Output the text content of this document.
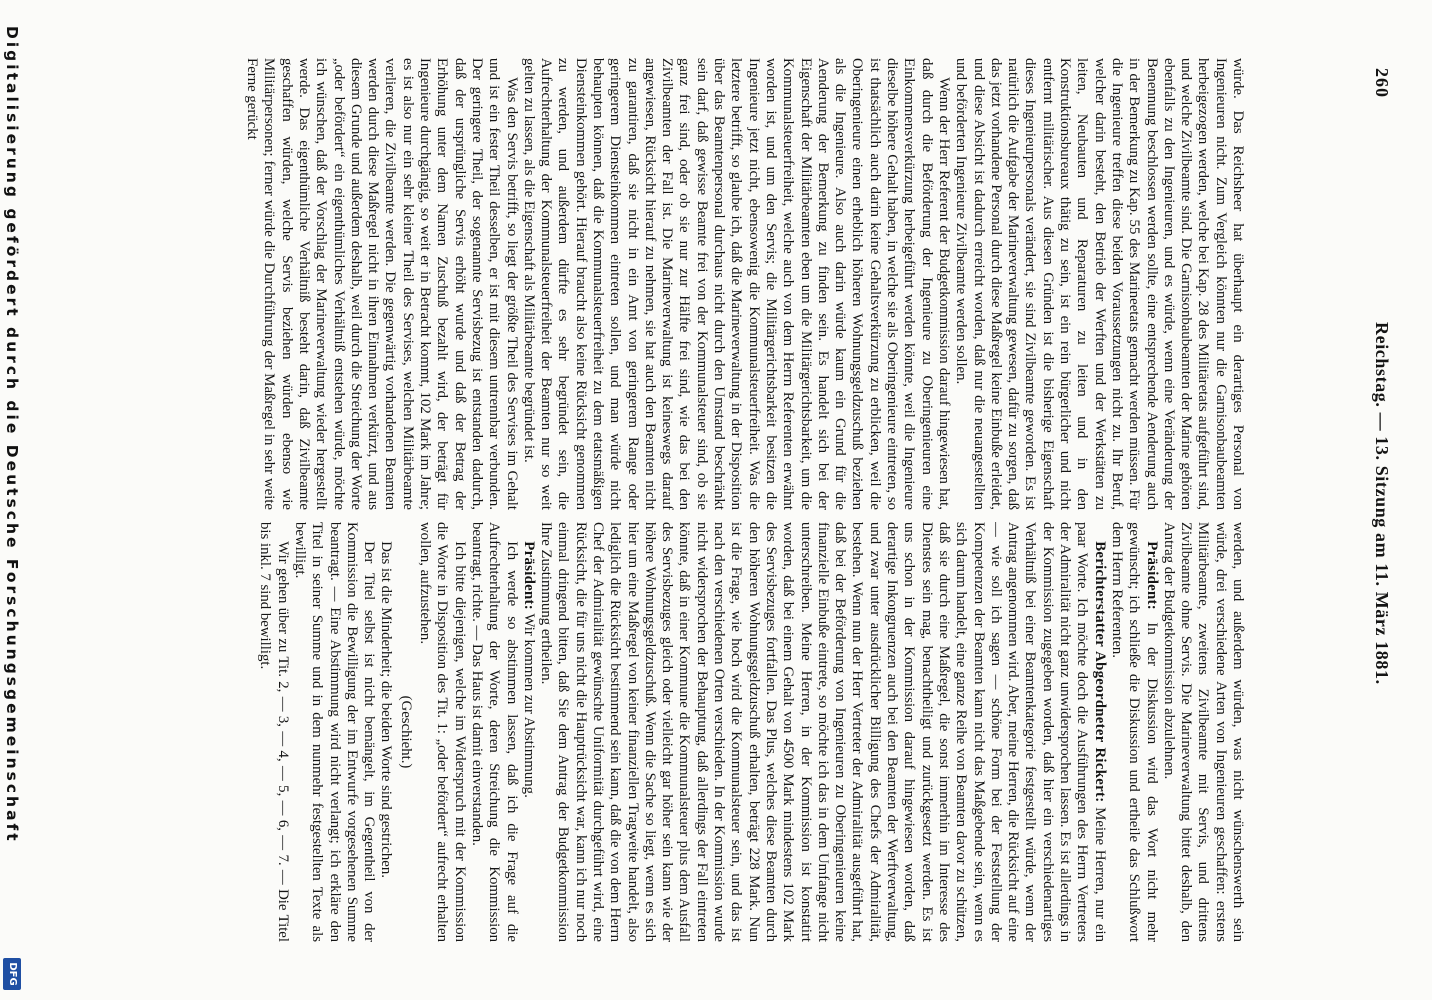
260
Reichstag. — 13. Sitzung am 11. März 1881.

würde. Das Reichsheer hat überhaupt ein derartiges Personal von Ingenieuren nicht. Zum Vergleich könnten nur die Garnisonbaubeamten herbeigezogen werden, welche bei Kap. 28 des Militäretats aufgeführt sind, und welche Zivilbeamte sind. Die Garnisonbaubeamten der Marine gehören ebenfalls zu den Ingenieuren, und es würde, wenn eine Veränderung der Benennung beschlossen werden sollte, eine entsprechende Aenderung auch in der Bemerkung zu Kap. 55 des Marineetats gemacht werden müssen. Für die Ingenieure treffen diese beiden Voraussetzungen nicht zu. Ihr Beruf, welcher darin besteht, den Betrieb der Werften und der Werkstätten zu leiten, Neubauten und Reparaturen zu leiten und in den Konstruktionsbureaux thätig zu sein, ist ein rein bürgerlicher und nicht entfernt militärischer. Aus diesen Gründen ist die bisherige Eigenschaft dieses Ingenieurpersonals verändert, sie sind Zivilbeamte geworden. Es ist natürlich die Aufgabe der Marineverwaltung gewesen, dafür zu sorgen, daß das jetzt vorhandene Personal durch diese Maßregel keine Einbuße erleidet, und diese Absicht ist dadurch erreicht worden, daß nur die neuangestellten und beförderten Ingenieure Zivilbeamte werden sollen.

Wenn der Herr Referent der Budgetkommission darauf hingewiesen hat, daß durch die Beförderung der Ingenieure zu Oberingenieuren eine Einkommensverkürzung herbeigeführt werden könnte, weil die Ingenieure dieselbe höhere Gehalt haben, in welche sie als Oberingenieure eintreten, so ist thatsächlich auch darin keine Gehaltsverkürzung zu erblicken, weil die Oberingenieure einen erheblich höheren Wohnungsgeldzuschuß beziehen als die Ingenieure. Also auch darin würde kaum ein Grund für die Aenderung der Bemerkung zu finden sein. Es handelt sich bei der Eigenschaft der Militärbeamten eben um die Militärgerichtsbarkeit, um die Kommunalsteuerfreiheit, welche auch von dem Herrn Referenten erwähnt worden ist, und um den Servis; die Militärgerichtsbarkeit besitzen die Ingenieure jetzt nicht, ebensowenig die Kommunalsteuerfreiheit. Was die letztere betrifft, so glaube ich, daß die Marineverwaltung in der Disposition über das Beamtenpersonal durchaus nicht durch den Umstand beschränkt sein darf, daß gewisse Beamte frei von der Kommunalsteuer sind, ob sie ganz frei sind, oder ob sie nur zur Hälfte frei sind, wie das bei den Zivilbeamten der Fall ist. Die Marineverwaltung ist keineswegs darauf angewiesen, Rücksicht hierauf zu nehmen, sie hat auch den Beamten nicht zu garantiren, daß sie nicht in ein Amt von geringerem Range oder geringerem Diensteinkommen eintreten sollen, und man würde nicht behaupten können, daß die Kommunalsteuerfreiheit zu dem etatsmäßigen Diensteinkommen gehört. Hierauf braucht also keine Rücksicht genommen zu werden, und außerdem dürfte es sehr begründet sein, die Aufrechterhaltung der Kommunalsteuerfreiheit der Beamten nur so weit gelten zu lassen, als die Eigenschaft als Militärbeamte begründet ist.

Was den Servis betrifft, so liegt der größte Theil des Servises im Gehalt und ist ein fester Theil desselben, er ist mit diesem untrennbar verbunden. Der geringere Theil, der sogenannte Servisbezug ist entstanden dadurch, daß der ursprüngliche Servis erhöht wurde und daß der Betrag der Erhöhung unter dem Namen Zuschuß bezahlt wird, der beträgt für Ingenieure durchgängig, so weit er in Betracht kommt, 102 Mark im Jahre; es ist also nur ein sehr kleiner Theil des Servises, welchen Militärbeamte verlieren, die Zivilbeamte werden. Die gegenwärtig vorhandenen Beamten werden durch diese Maßregel nicht in ihren Einnahmen verkürzt, und aus diesem Grunde und außerdem deshalb, weil durch die Streichung der Worte „oder befördert“ ein eigenthümliches Verhältniß entstehen würde, möchte ich wünschen, daß der Vorschlag der Marineverwaltung wieder hergestellt werde. Das eigenthümliche Verhältniß besteht darin, daß Zivilbeamte geschaffen würden, welche Servis beziehen würden ebenso wie Militärpersonen; ferner würde die Durchführung der Maßregel in sehr weite Ferne gerückt

werden, und außerdem würden, was nicht wünschenswerth sein würde, drei verschiedene Arten von Ingenieuren geschaffen: erstens Militärbeamte, zweitens Zivilbeamte mit Servis, und drittens Zivilbeamte ohne Servis. Die Marineverwaltung bittet deshalb, den Antrag der Budgetkommission abzulehnen.

Präsident: In der Diskussion wird das Wort nicht mehr gewünscht; ich schließe die Diskussion und ertheile das Schlußwort dem Herrn Referenten.

Berichterstatter Abgeordneter Rickert: Meine Herren, nur ein paar Worte. Ich möchte doch die Ausführungen des Herrn Vertreters der Admiralität nicht ganz unwidersprochen lassen. Es ist allerdings in der Kommission zugegeben worden, daß hier ein verschiedenartiges Verhältniß bei einer Beamtenkategorie festgestellt würde, wenn der Antrag angenommen wird. Aber, meine Herren, die Rücksicht auf eine — wie soll ich sagen — schöne Form bei der Feststellung der Kompetenzen der Beamten kann nicht das Maßgebende sein, wenn es sich darum handelt, eine ganze Reihe von Beamten davor zu schützen, daß sie durch eine Maßregel, die sonst immerhin im Interesse des Dienstes sein mag, benachtheiligt und zurückgesetzt werden. Es ist uns schon in der Kommission darauf hingewiesen worden, daß derartige Inkongruenzen auch bei den Beamten der Werftverwaltung, und zwar unter ausdrücklicher Billigung des Chefs der Admiralität, bestehen. Wenn nun der Herr Vertreter der Admiralität ausgeführt hat, daß bei der Beförderung von Ingenieuren zu Oberingenieuren keine finanzielle Einbuße eintrete, so möchte ich das in dem Umfange nicht unterschreiben. Meine Herren, in der Kommission ist konstatirt worden, daß bei einem Gehalt von 4500 Mark mindestens 102 Mark des Servisbezuges fortfallen. Das Plus, welches diese Beamten durch den höheren Wohnungsgeldzuschuß erhalten, beträgt 228 Mark. Nun ist die Frage, wie hoch wird die Kommunalsteuer sein, und das ist nach den verschiedenen Orten verschieden. In der Kommission wurde nicht widersprochen der Behauptung, daß allerdings der Fall eintreten könnte, daß in einer Kommune die Kommunalsteuer plus dem Ausfall des Servisbezuges gleich oder vielleicht gar höher sein kann wie der höhere Wohnungsgeldzuschuß. Wenn die Sache so liegt, wenn es sich hier um eine Maßregel von keiner finanziellen Tragweite handelt, also lediglich die Rücksicht bestimmend sein kann, daß die von dem Herrn Chef der Admiralität gewünschte Uniformität durchgeführt wird, eine Rücksicht, die für uns nicht die Hauptrücksicht war, kann ich nur noch einmal dringend bitten, daß Sie dem Antrag der Budgetkommission Ihre Zustimmung ertheilen.

Präsident: Wir kommen zur Abstimmung.

Ich werde so abstimmen lassen, daß ich die Frage auf die Aufrechterhaltung der Worte, deren Streichung die Kommission beantragt, richte. — Das Haus ist damit einverstanden.

Ich bitte diejenigen, welche im Widerspruch mit der Kommission die Worte in Disposition des Tit. 1: „oder befördert“ aufrecht erhalten wollen, aufzustehen.

(Geschieht.)

Das ist die Minderheit; die beiden Worte sind gestrichen.

Der Titel selbst ist nicht bemängelt, im Gegentheil von der Kommission die Bewilligung der im Entwurfe vorgesehenen Summe beantragt. — Eine Abstimmung wird nicht verlangt; ich erkläre den Titel in seiner Summe und in dem nunmehr festgestellten Texte als bewilligt.

Wir gehen über zu Tit. 2, — 3, — 4, — 5, — 6, — 7. — Die Titel bis inkl. 7 sind bewilligt.

Digitalisierung gefördert durch die Deutsche Forschungsgemeinschaft
DFG
